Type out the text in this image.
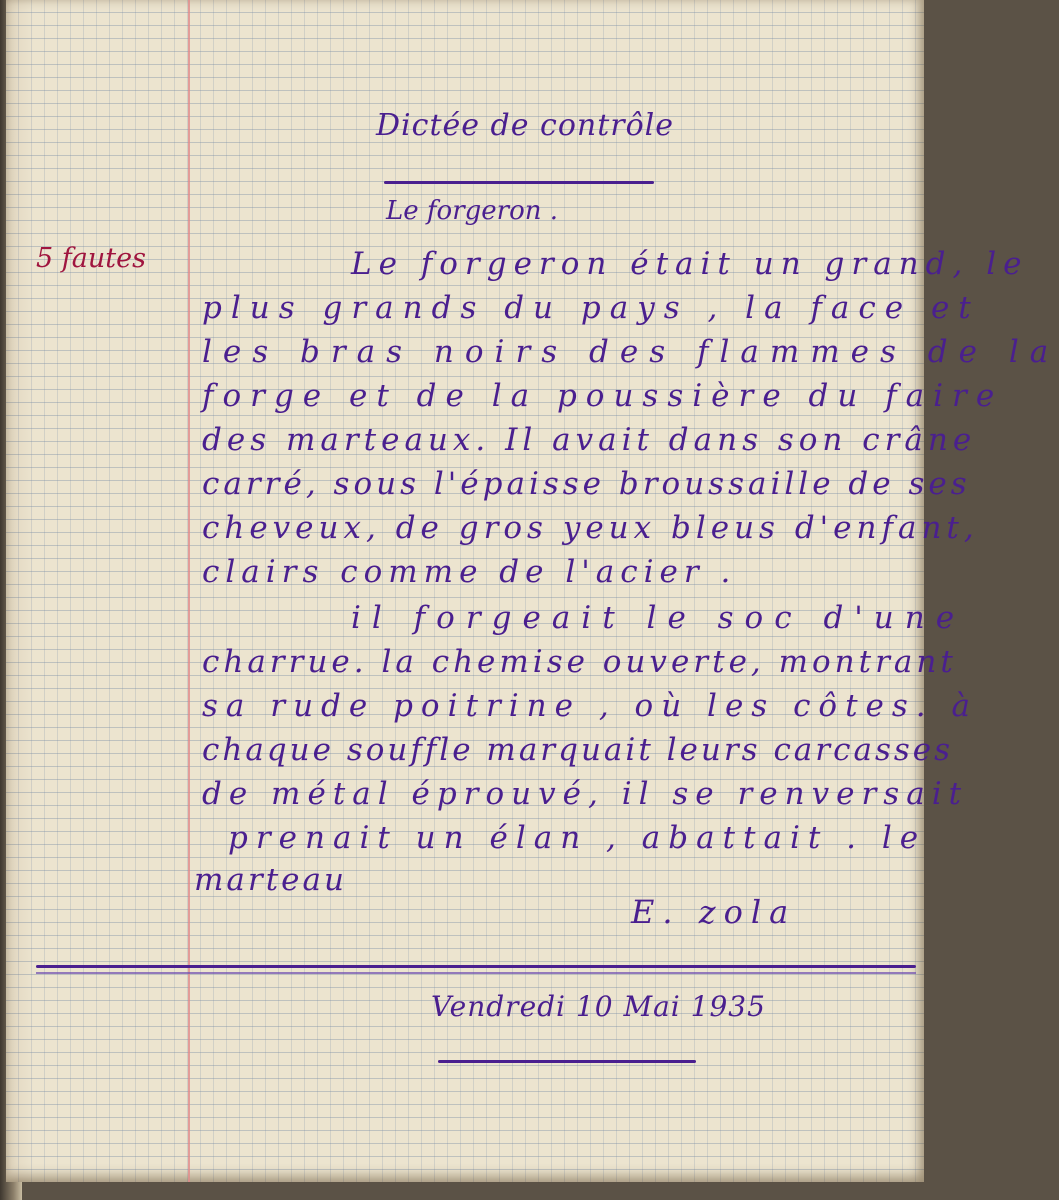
Dictée de contrôle
Le forgeron .
5 fautes	Le forgeron était un grand, le
plus grands du pays , la face et
les bras noirs des flammes de la
forge et de la poussière du faire
des marteaux. Il avait dans son crâne
carré, sous l'épaisse broussaille de ses
cheveux, de gros yeux bleus d'enfant,
clairs comme de l'acier .
il forgeait le soc d'une
charrue. la chemise ouverte, montrant
sa rude poitrine , où les côtes. à
chaque souffle marquait leurs carcasses
de métal éprouvé, il se renversait
prenait un élan , abattait . le
marteau
E. zola
Vendredi 10 Mai 1935
